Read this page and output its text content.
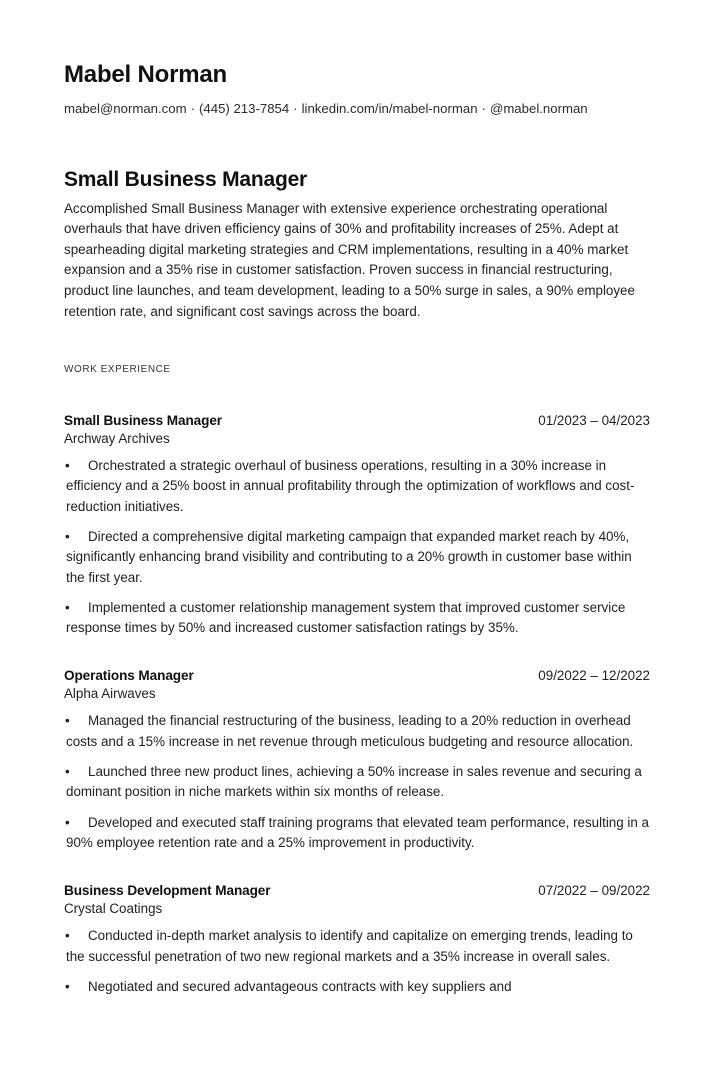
Mabel Norman

mabel@norman.com · (445) 213-7854 · linkedin.com/in/mabel-norman · @mabel.norman

Small Business Manager

Accomplished Small Business Manager with extensive experience orchestrating operational overhauls that have driven efficiency gains of 30% and profitability increases of 25%. Adept at spearheading digital marketing strategies and CRM implementations, resulting in a 40% market expansion and a 35% rise in customer satisfaction. Proven success in financial restructuring, product line launches, and team development, leading to a 50% surge in sales, a 90% employee retention rate, and significant cost savings across the board.

WORK EXPERIENCE
Small Business Manager	01/2023 – 04/2023
Archway Archives
• Orchestrated a strategic overhaul of business operations, resulting in a 30% increase in efficiency and a 25% boost in annual profitability through the optimization of workflows and cost-reduction initiatives.
• Directed a comprehensive digital marketing campaign that expanded market reach by 40%, significantly enhancing brand visibility and contributing to a 20% growth in customer base within the first year.
• Implemented a customer relationship management system that improved customer service response times by 50% and increased customer satisfaction ratings by 35%.
Operations Manager	09/2022 – 12/2022
Alpha Airwaves
• Managed the financial restructuring of the business, leading to a 20% reduction in overhead costs and a 15% increase in net revenue through meticulous budgeting and resource allocation.
• Launched three new product lines, achieving a 50% increase in sales revenue and securing a dominant position in niche markets within six months of release.
• Developed and executed staff training programs that elevated team performance, resulting in a 90% employee retention rate and a 25% improvement in productivity.
Business Development Manager	07/2022 – 09/2022
Crystal Coatings
• Conducted in-depth market analysis to identify and capitalize on emerging trends, leading to the successful penetration of two new regional markets and a 35% increase in overall sales.
• Negotiated and secured advantageous contracts with key suppliers and
